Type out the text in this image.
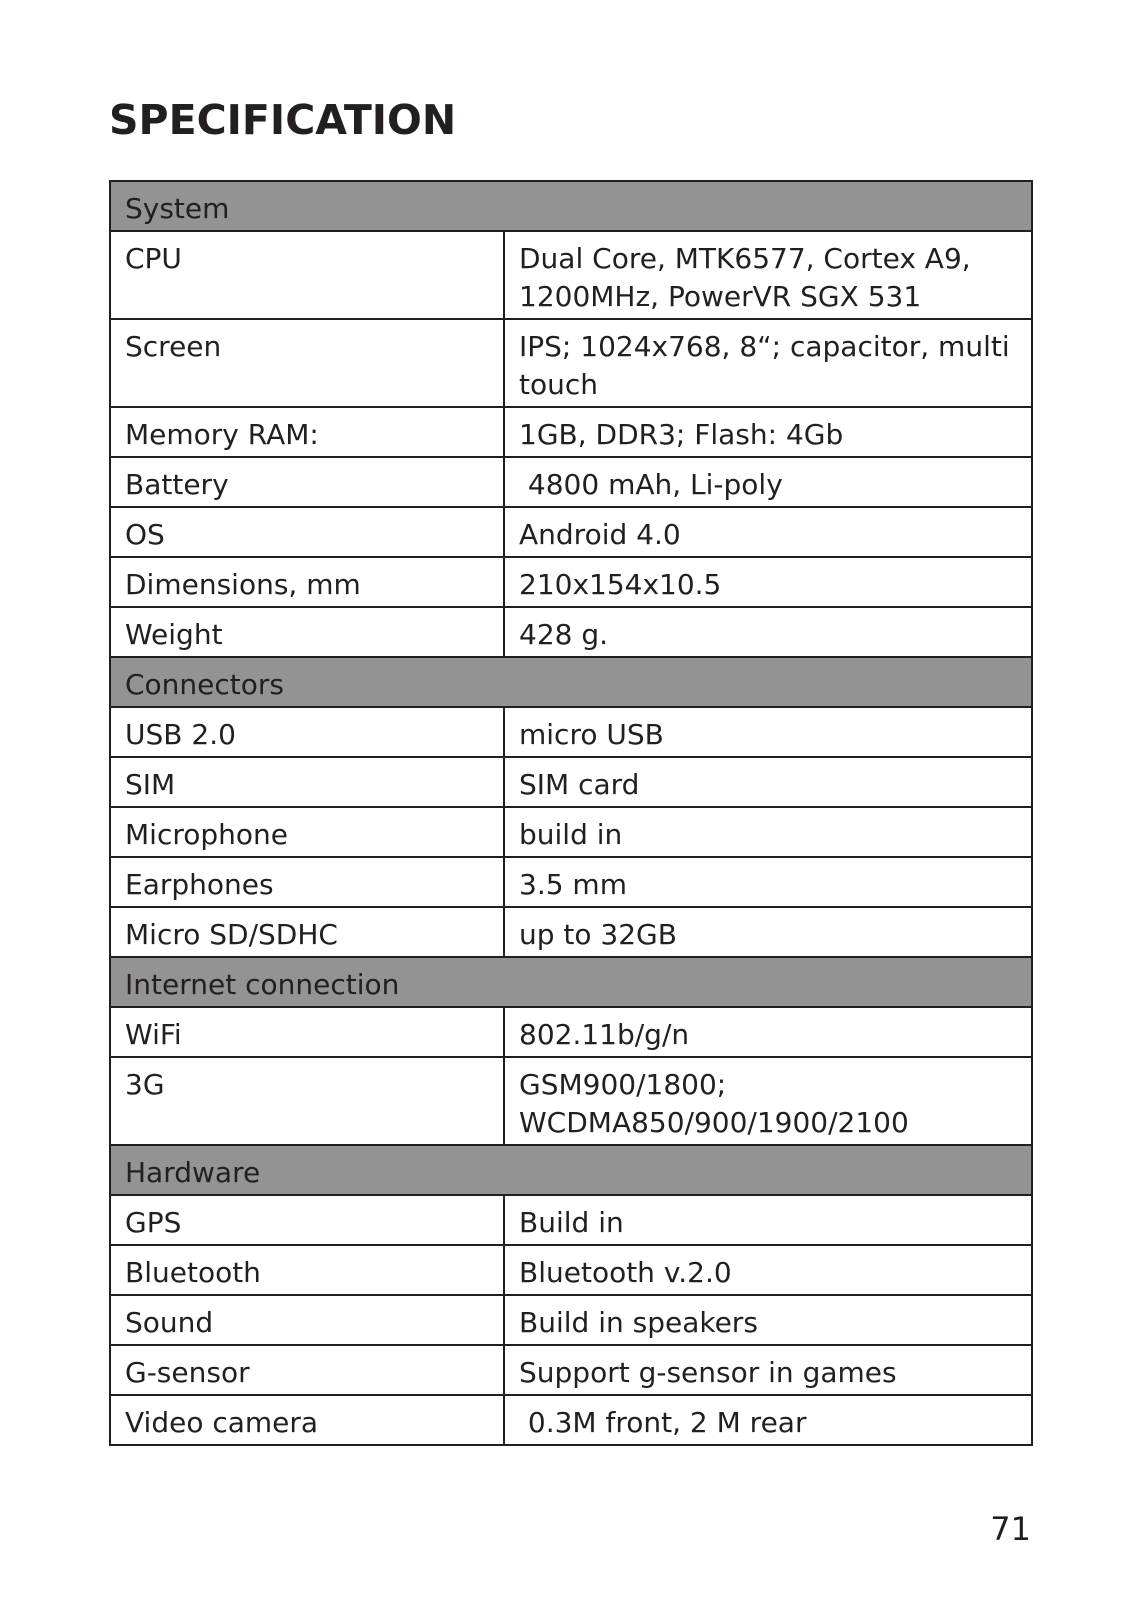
SPECIFICATION
System	
CPU	Dual Core, MTK6577, Cortex A9,
1200MHz, PowerVR SGX 531
Screen	IPS; 1024x768, 8“; capacitor, multi
touch
Memory RAM:	1GB, DDR3; Flash: 4Gb
Battery	4800 mAh, Li-poly
OS	Android 4.0
Dimensions, mm	210x154x10.5
Weight	428 g.
Connectors	
USB 2.0	micro USB
SIM	SIM card
Microphone	build in
Earphones	3.5 mm
Micro SD/SDHC	up to 32GB
Internet connection	
WiFi	802.11b/g/n
3G	GSM900/1800;
WCDMA850/900/1900/2100
Hardware	
GPS	Build in
Bluetooth	Bluetooth v.2.0
Sound	Build in speakers
G-sensor	Support g-sensor in games
Video camera	0.3M front, 2 M rear
71
